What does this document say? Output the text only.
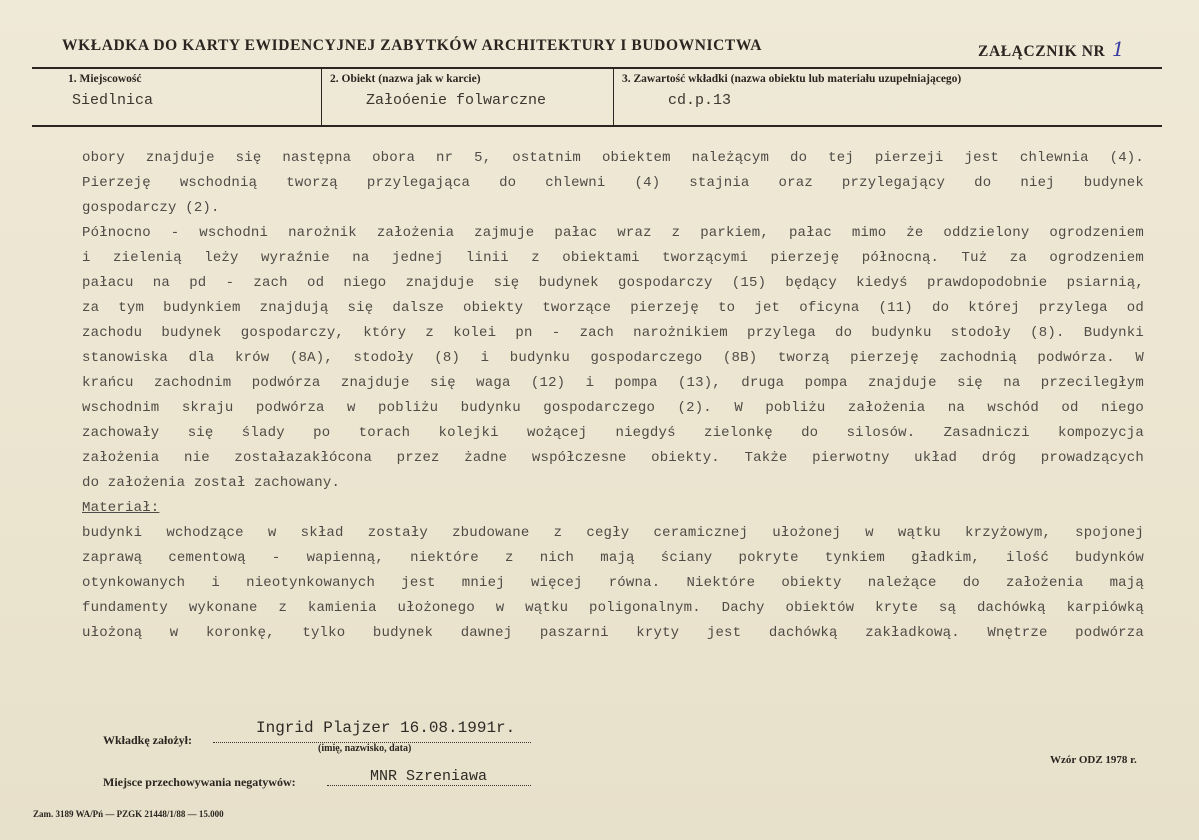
WKŁADKA DO KARTY EWIDENCYJNEJ ZABYTKÓW ARCHITEKTURY I BUDOWNICTWA	ZAŁĄCZNIK NR 1
1. Miejscowość
Siedlnica
2. Obiekt (nazwa jak w karcie)
Załoóenie folwarczne
3. Zawartość wkładki (nazwa obiektu lub materiału uzupełniającego)
cd.p.13
obory znajduje się następna obora nr 5, ostatnim obiektem należącym do tej pierzeji jest chlewnia (4).
Pierzeję wschodnią tworzą przylegająca do chlewni (4) stajnia oraz przylegający do niej budynek
gospodarczy (2).
Północno - wschodni narożnik założenia zajmuje pałac wraz z parkiem, pałac mimo że oddzielony ogrodzeniem
i zielenią leży wyraźnie na jednej linii z obiektami tworzącymi pierzeję północną. Tuż za ogrodzeniem
pałacu na pd - zach od niego znajduje się budynek gospodarczy (15) będący kiedyś prawdopodobnie psiarnią,
za tym budynkiem znajdują się dalsze obiekty tworzące pierzeję to jet oficyna (11) do której przylega od
zachodu budynek gospodarczy, który z kolei pn - zach narożnikiem przylega do budynku stodoły (8). Budynki
stanowiska dla krów (8A), stodoły (8) i budynku gospodarczego (8B) tworzą pierzeję zachodnią podwórza. W
krańcu zachodnim podwórza znajduje się waga (12) i pompa (13), druga pompa znajduje się na przeciległym
wschodnim skraju podwórza w pobliżu budynku gospodarczego (2). W pobliżu założenia na wschód od niego
zachowały się ślady po torach kolejki wożącej niegdyś zielonkę do silosów. Zasadniczi kompozycja
założenia nie zostałazakłócona przez żadne współczesne obiekty. Także pierwotny układ dróg prowadzących
do założenia został zachowany.
Materiał:
budynki wchodzące w skład zostały zbudowane z cegły ceramicznej ułożonej w wątku krzyżowym, spojonej
zaprawą cementową - wapienną, niektóre z nich mają ściany pokryte tynkiem gładkim, ilość budynków
otynkowanych i nieotynkowanych jest mniej więcej równa. Niektóre obiekty należące do założenia mają
fundamenty wykonane z kamienia ułożonego w wątku poligonalnym. Dachy obiektów kryte są dachówką karpiówką
ułożoną w koronkę, tylko budynek dawnej paszarni kryty jest dachówką zakładkową. Wnętrze podwórza
Wkładkę założył:
Ingrid Plajzer 16.08.1991r.
(imię, nazwisko, data)
Miejsce przechowywania negatywów:	MNR Szreniawa
Wzór ODZ 1978 r.
Zam. 3189 WA/Pń — PZGK 21448/1/88 — 15.000
